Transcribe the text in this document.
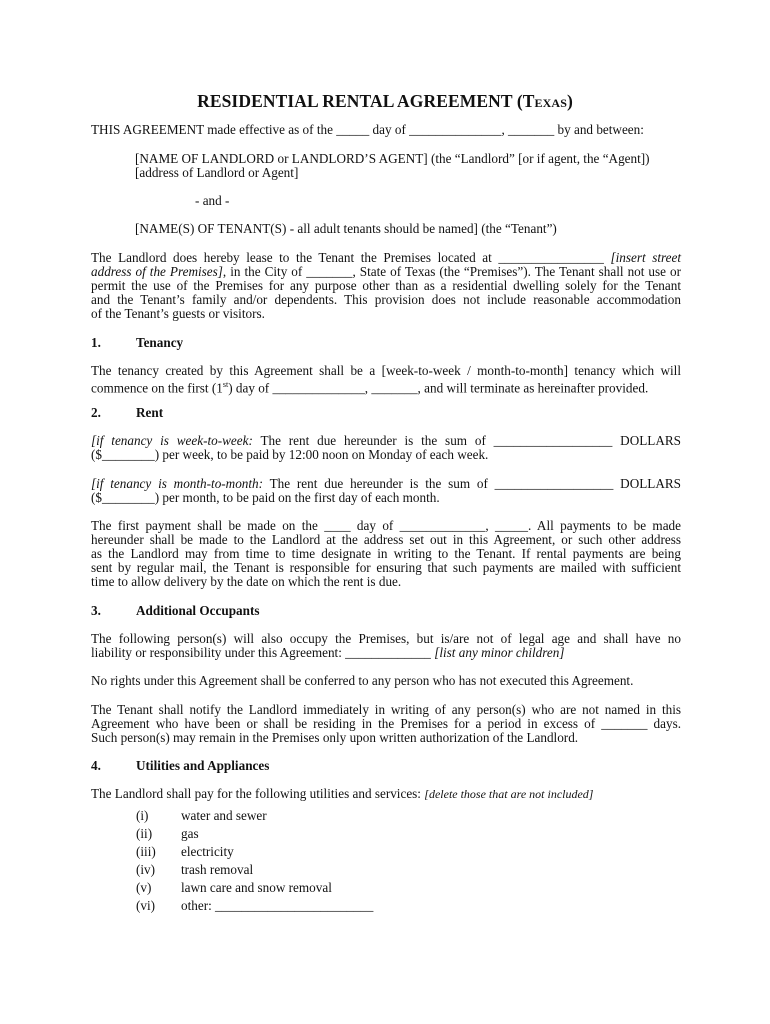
RESIDENTIAL RENTAL AGREEMENT (Texas)
THIS AGREEMENT made effective as of the _____ day of ______________, _______ by and between:
[NAME OF LANDLORD or LANDLORD’S AGENT] (the “Landlord” [or if agent, the “Agent])
[address of Landlord or Agent]
- and -
[NAME(S) OF TENANT(S) - all adult tenants should be named] (the “Tenant”)
The Landlord does hereby lease to the Tenant the Premises located at ________________ [insert street
address of the Premises], in the City of _______, State of Texas (the “Premises”). The Tenant shall not use or
permit the use of the Premises for any purpose other than as a residential dwelling solely for the Tenant
and the Tenant’s family and/or dependents. This provision does not include reasonable accommodation
of the Tenant’s guests or visitors.
1.	Tenancy
The tenancy created by this Agreement shall be a [week-to-week / month-to-month] tenancy which will
commence on the first (1st) day of ______________, _______, and will terminate as hereinafter provided.
2.	Rent
[if tenancy is week-to-week: The rent due hereunder is the sum of __________________ DOLLARS
($________) per week, to be paid by 12:00 noon on Monday of each week.
[if tenancy is month-to-month: The rent due hereunder is the sum of __________________ DOLLARS
($________) per month, to be paid on the first day of each month.
The first payment shall be made on the ____ day of _____________, _____. All payments to be made
hereunder shall be made to the Landlord at the address set out in this Agreement, or such other address
as the Landlord may from time to time designate in writing to the Tenant. If rental payments are being
sent by regular mail, the Tenant is responsible for ensuring that such payments are mailed with sufficient
time to allow delivery by the date on which the rent is due.
3.	Additional Occupants
The following person(s) will also occupy the Premises, but is/are not of legal age and shall have no
liability or responsibility under this Agreement: _____________ [list any minor children]
No rights under this Agreement shall be conferred to any person who has not executed this Agreement.
The Tenant shall notify the Landlord immediately in writing of any person(s) who are not named in this
Agreement who have been or shall be residing in the Premises for a period in excess of _______ days.
Such person(s) may remain in the Premises only upon written authorization of the Landlord.
4.	Utilities and Appliances
The Landlord shall pay for the following utilities and services: [delete those that are not included]
(i) water and sewer
(ii) gas
(iii) electricity
(iv) trash removal
(v) lawn care and snow removal
(vi) other: ________________________
